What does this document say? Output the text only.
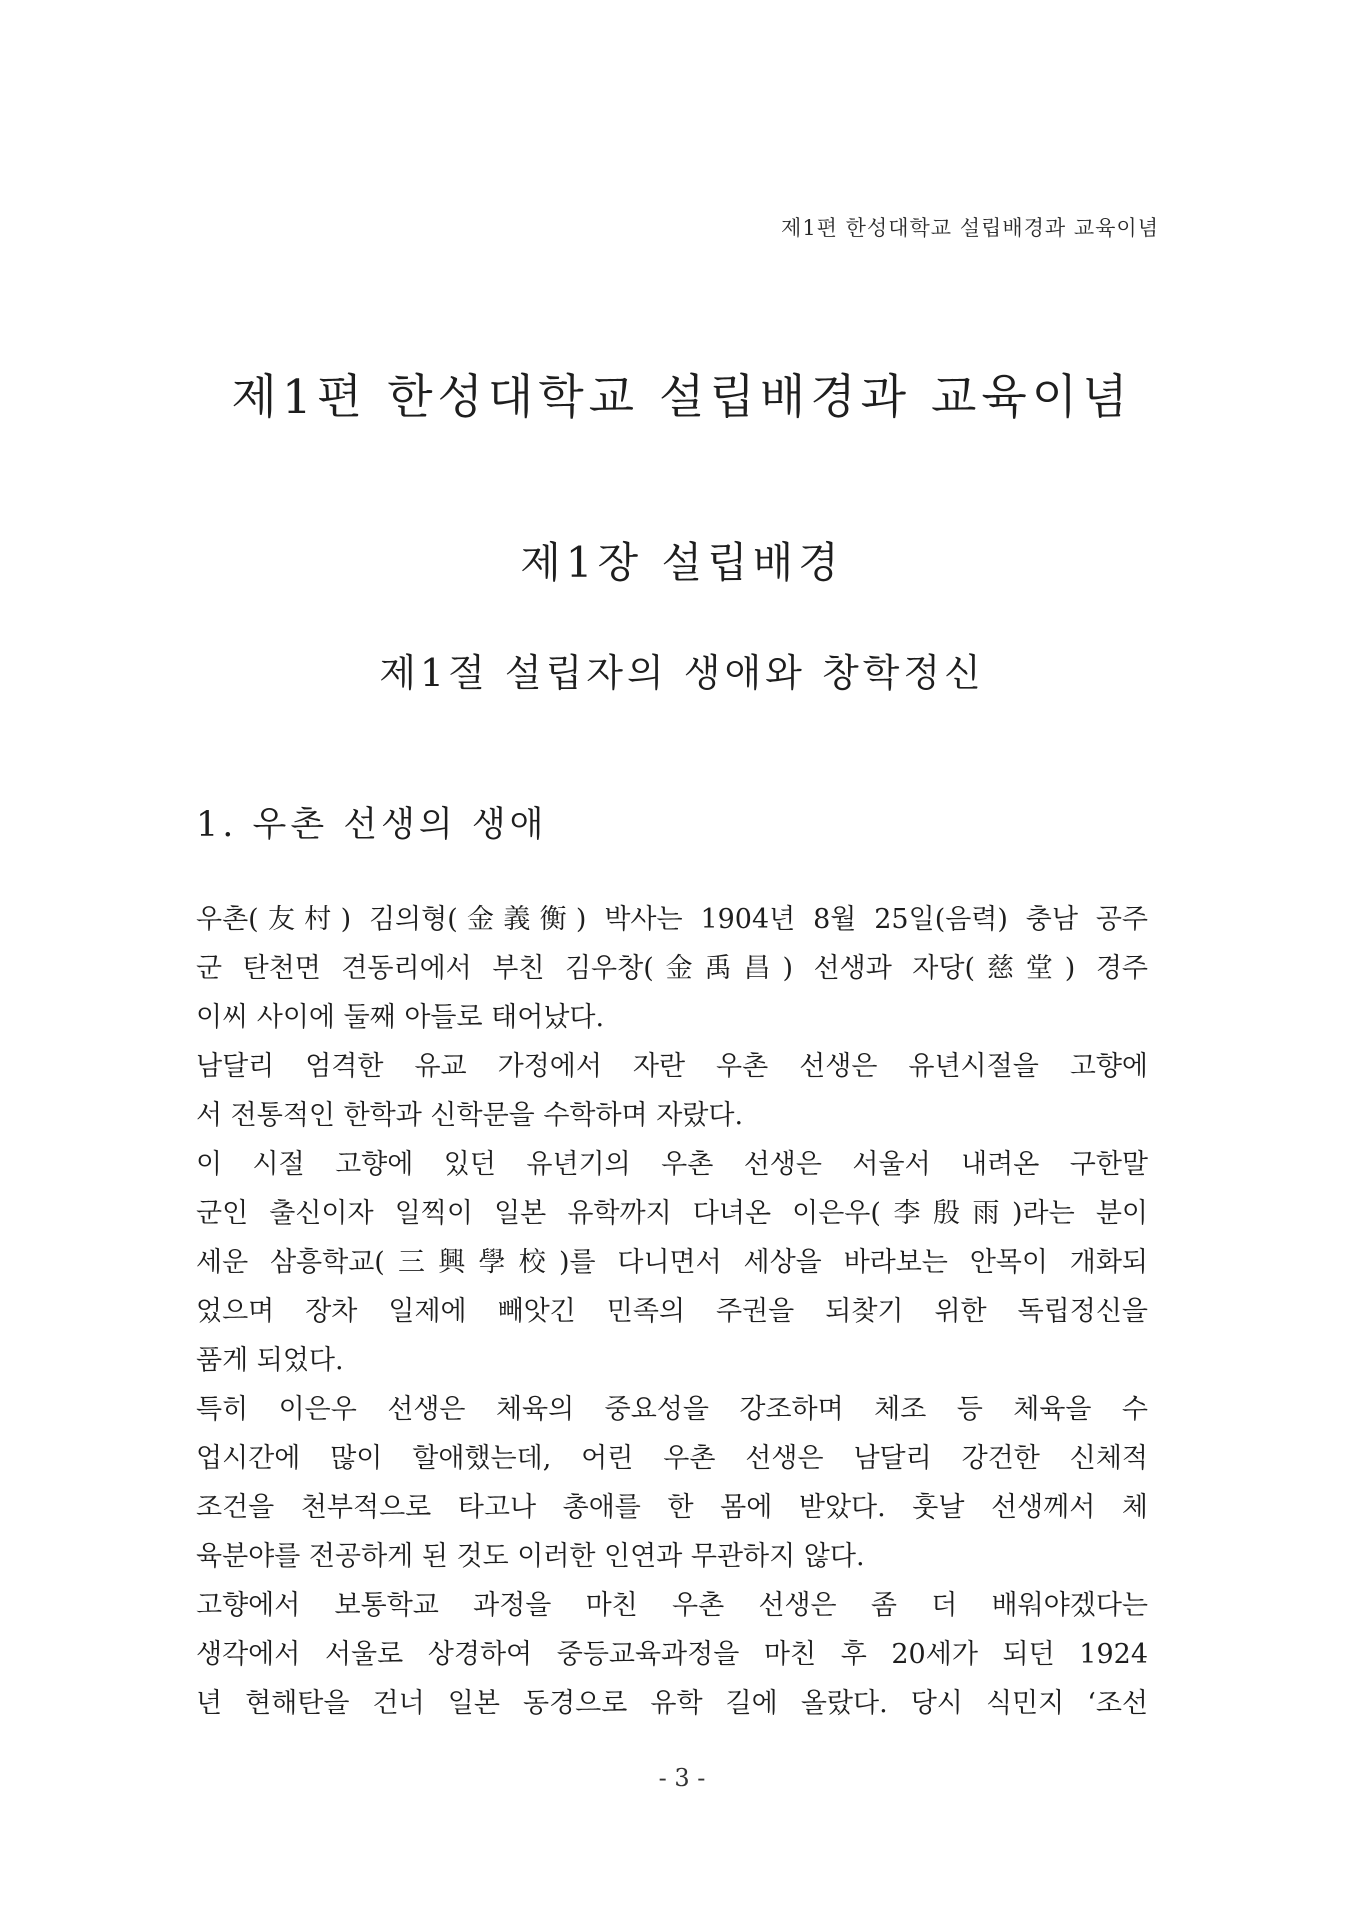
제1편 한성대학교 설립배경과 교육이념
제1편 한성대학교 설립배경과 교육이념
제1장 설립배경
제1절 설립자의 생애와 창학정신
1. 우촌 선생의 생애
우촌(友村) 김의형(金義衡) 박사는 1904년 8월 25일(음력) 충남 공주
군 탄천면 견동리에서 부친 김우창(金禹昌) 선생과 자당(慈堂) 경주
이씨 사이에 둘째 아들로 태어났다.
남달리 엄격한 유교 가정에서 자란 우촌 선생은 유년시절을 고향에
서 전통적인 한학과 신학문을 수학하며 자랐다.
이 시절 고향에 있던 유년기의 우촌 선생은 서울서 내려온 구한말
군인 출신이자 일찍이 일본 유학까지 다녀온 이은우(李殷雨)라는 분이
세운 삼흥학교(三興學校)를 다니면서 세상을 바라보는 안목이 개화되
었으며 장차 일제에 빼앗긴 민족의 주권을 되찾기 위한 독립정신을
품게 되었다.
특히 이은우 선생은 체육의 중요성을 강조하며 체조 등 체육을 수
업시간에 많이 할애했는데, 어린 우촌 선생은 남달리 강건한 신체적
조건을 천부적으로 타고나 총애를 한 몸에 받았다. 훗날 선생께서 체
육분야를 전공하게 된 것도 이러한 인연과 무관하지 않다.
고향에서 보통학교 과정을 마친 우촌 선생은 좀 더 배워야겠다는
생각에서 서울로 상경하여 중등교육과정을 마친 후 20세가 되던 1924
년 현해탄을 건너 일본 동경으로 유학 길에 올랐다. 당시 식민지 ‘조선
- 3 -
